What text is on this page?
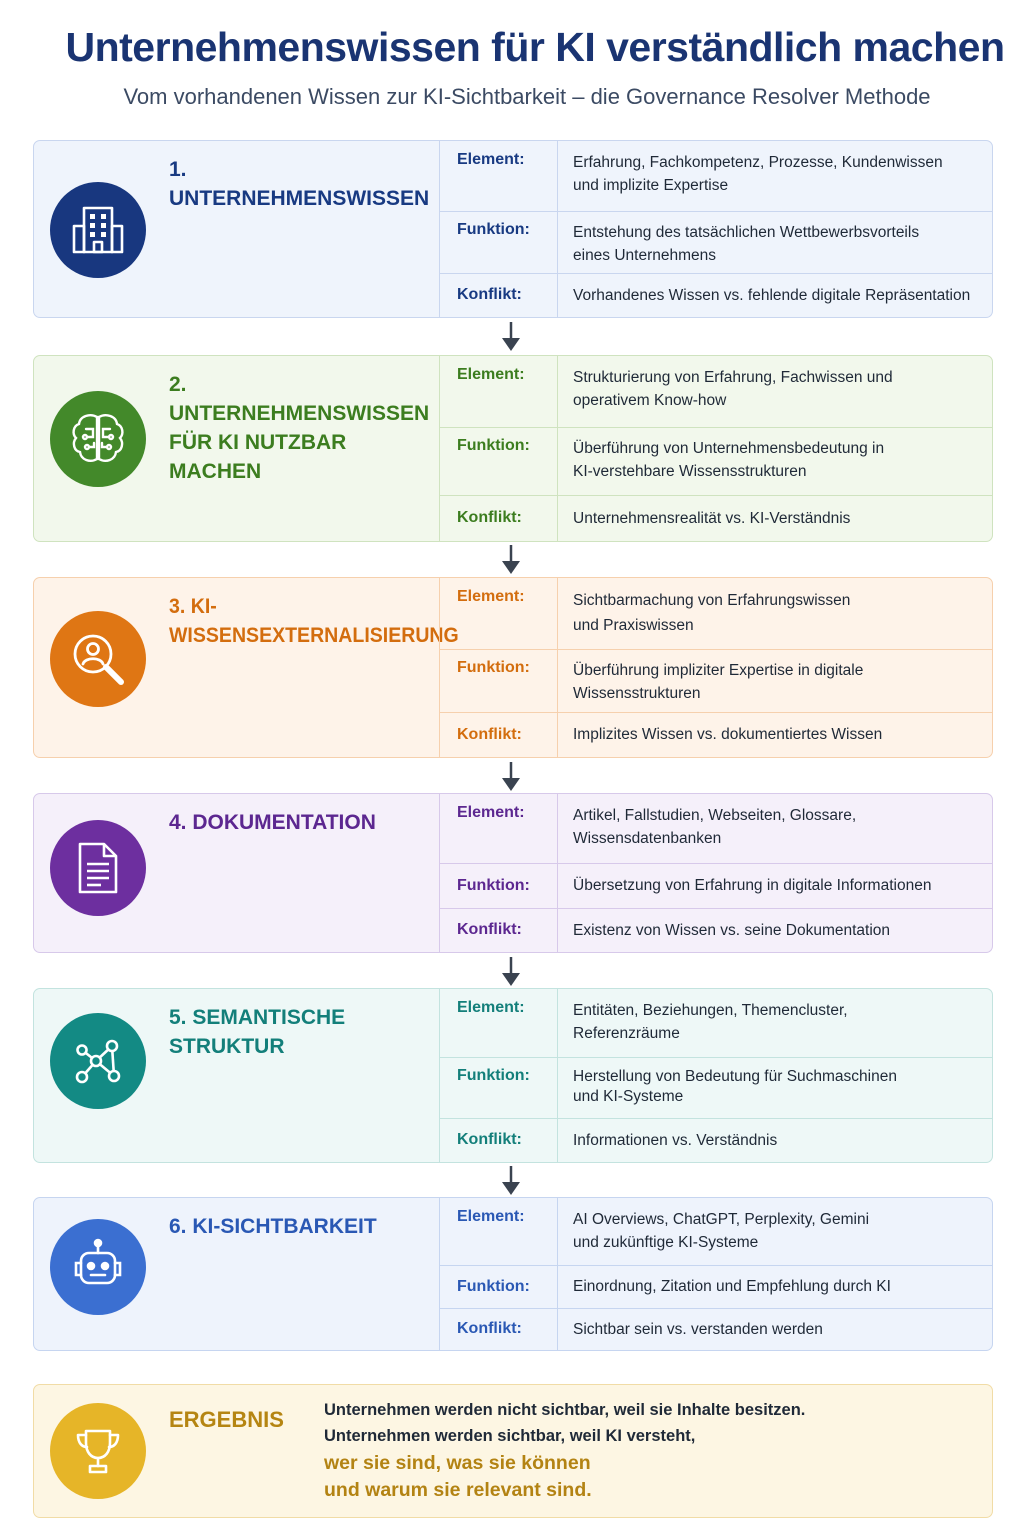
Unternehmenswissen für KI verständlich machen
Vom vorhandenen Wissen zur KI-Sichtbarkeit – die Governance Resolver Methode
1. UNTERNEHMENSWISSEN
Element:	Erfahrung, Fachkompetenz, Prozesse, Kundenwissen
und implizite Expertise
Funktion:	Entstehung des tatsächlichen Wettbewerbsvorteils
eines Unternehmens
Konflikt:	Vorhandenes Wissen vs. fehlende digitale Repräsentation
2. UNTERNEHMENSWISSEN
FÜR KI NUTZBAR MACHEN
Element:	Strukturierung von Erfahrung, Fachwissen und
operativem Know-how
Funktion:	Überführung von Unternehmensbedeutung in
KI-verstehbare Wissensstrukturen
Konflikt:	Unternehmensrealität vs. KI-Verständnis
3. KI-WISSENSEXTERNALISIERUNG
Element:	Sichtbarmachung von Erfahrungswissen
und Praxiswissen
Funktion:	Überführung impliziter Expertise in digitale
Wissensstrukturen
Konflikt:	Implizites Wissen vs. dokumentiertes Wissen
4. DOKUMENTATION	Element:	Artikel, Fallstudien, Webseiten, Glossare,
Wissensdatenbanken
Funktion:	Übersetzung von Erfahrung in digitale Informationen
Konflikt:	Existenz von Wissen vs. seine Dokumentation
5. SEMANTISCHE STRUKTUR
Element:	Entitäten, Beziehungen, Themencluster,
Referenzräume
Funktion:	Herstellung von Bedeutung für Suchmaschinen
und KI-Systeme
Konflikt:	Informationen vs. Verständnis
6. KI-SICHTBARKEIT	Element:	AI Overviews, ChatGPT, Perplexity, Gemini
und zukünftige KI-Systeme
Funktion:	Einordnung, Zitation und Empfehlung durch KI
Konflikt:	Sichtbar sein vs. verstanden werden
ERGEBNIS Unternehmen werden nicht sichtbar, weil sie Inhalte besitzen.
Unternehmen werden sichtbar, weil KI versteht,
wer sie sind, was sie können
und warum sie relevant sind.
